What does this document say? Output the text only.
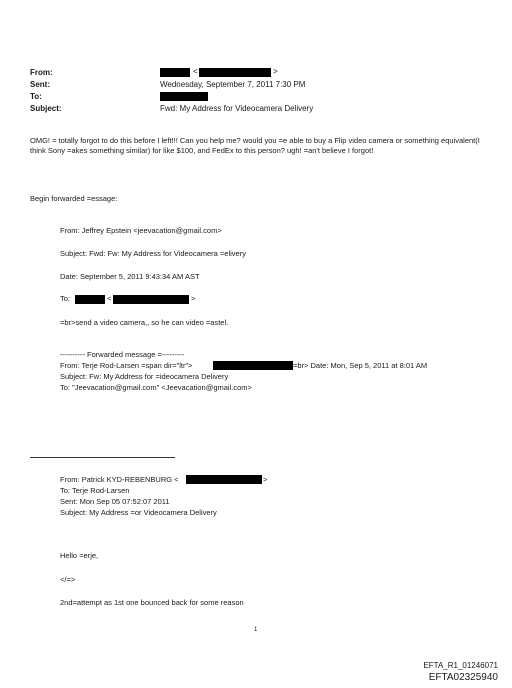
From:	<	>
Sent:	Wednesday, September 7, 2011 7:30 PM
To:
Subject:	Fwd: My Address for Videocamera Delivery
OMG! = totally forgot to do this before I left!!! Can you help me? would you =e able to buy a Flip video camera or something equivalent(I think Sony =akes something similar) for like $100, and FedEx to this person? ugh! =an't believe I forgot!
Begin forwarded =essage:
From: Jeffrey Epstein <jeevacation@gmail.com>
Subject: Fwd: Fw: My Address for Videocamera =elivery
Date: September 5, 2011 9:43:34 AM AST
To:	<	>
=br>send a video camera,, so he can video =astel.
---------- Forwarded message =---------
From: Terje Rod-Larsen =span dir="ltr">	=br> Date: Mon, Sep 5, 2011 at 8:01 AM
Subject: Fw: My Address for =ideocamera Delivery
To: "Jeevacation@gmail.com" <Jeevacation@gmail.com>
From: Patrick KYD-REBENBURG <	>
To: Terje Rod-Larsen
Sent: Mon Sep 05 07:52:07 2011
Subject: My Address =or Videocamera Delivery
Hello =erje,
</=>
2nd=attempt as 1st one bounced back for some reason
1
EFTA_R1_01246071
EFTA02325940
